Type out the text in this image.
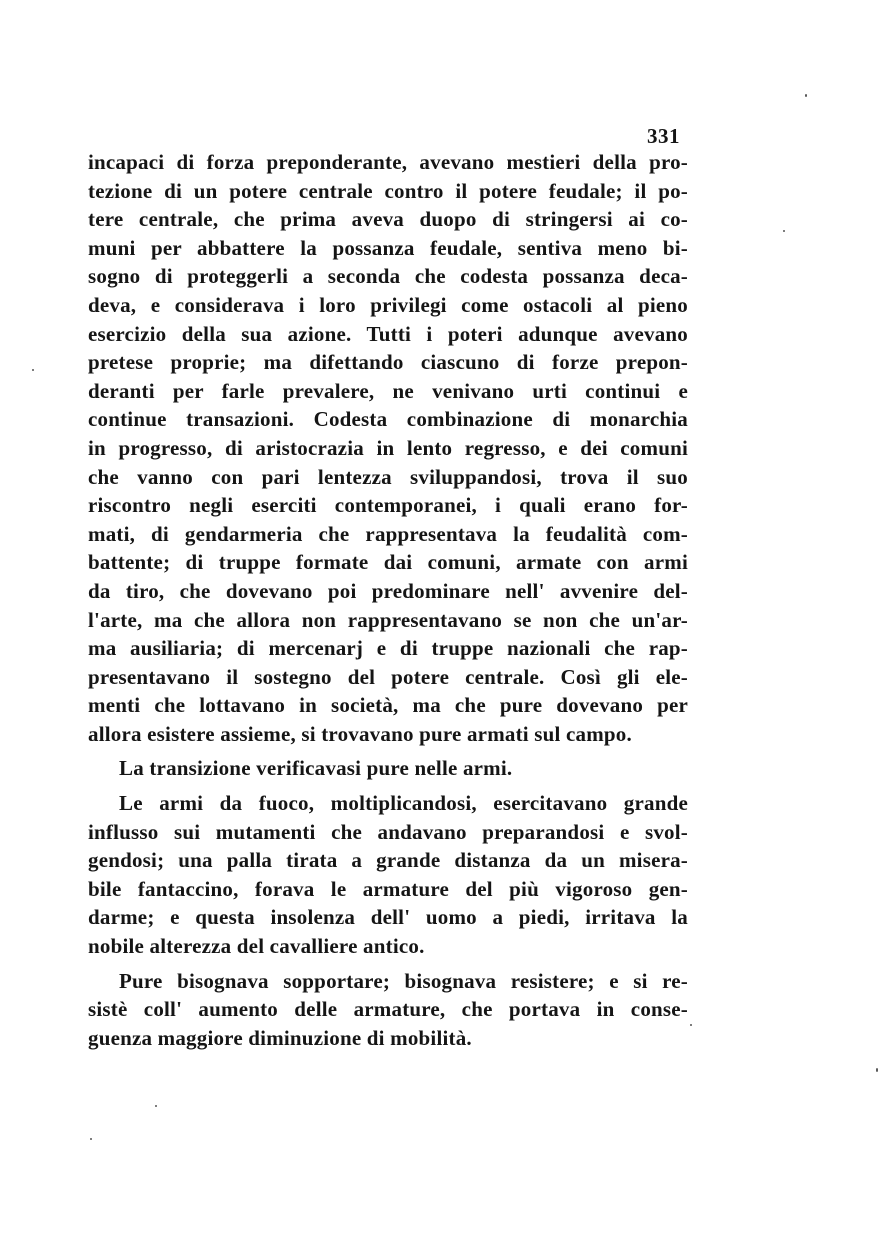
331
incapaci di forza preponderante, avevano mestieri della pro-
tezione di un potere centrale contro il potere feudale; il po-
tere centrale, che prima aveva duopo di stringersi ai co-
muni per abbattere la possanza feudale, sentiva meno bi-
sogno di proteggerli a seconda che codesta possanza deca-
deva, e considerava i loro privilegi come ostacoli al pieno
esercizio della sua azione. Tutti i poteri adunque avevano
pretese proprie; ma difettando ciascuno di forze prepon-
deranti per farle prevalere, ne venivano urti continui e
continue transazioni. Codesta combinazione di monarchia
in progresso, di aristocrazia in lento regresso, e dei comuni
che vanno con pari lentezza sviluppandosi, trova il suo
riscontro negli eserciti contemporanei, i quali erano for-
mati, di gendarmeria che rappresentava la feudalità com-
battente; di truppe formate dai comuni, armate con armi
da tiro, che dovevano poi predominare nell' avvenire del-
l'arte, ma che allora non rappresentavano se non che un'ar-
ma ausiliaria; di mercenarj e di truppe nazionali che rap-
presentavano il sostegno del potere centrale. Così gli ele-
menti che lottavano in società, ma che pure dovevano per
allora esistere assieme, si trovavano pure armati sul campo.
La transizione verificavasi pure nelle armi.
Le armi da fuoco, moltiplicandosi, esercitavano grande
influsso sui mutamenti che andavano preparandosi e svol-
gendosi; una palla tirata a grande distanza da un misera-
bile fantaccino, forava le armature del più vigoroso gen-
darme; e questa insolenza dell' uomo a piedi, irritava la
nobile alterezza del cavalliere antico.
Pure bisognava sopportare; bisognava resistere; e si re-
sistè coll' aumento delle armature, che portava in conse-
guenza maggiore diminuzione di mobilità.
